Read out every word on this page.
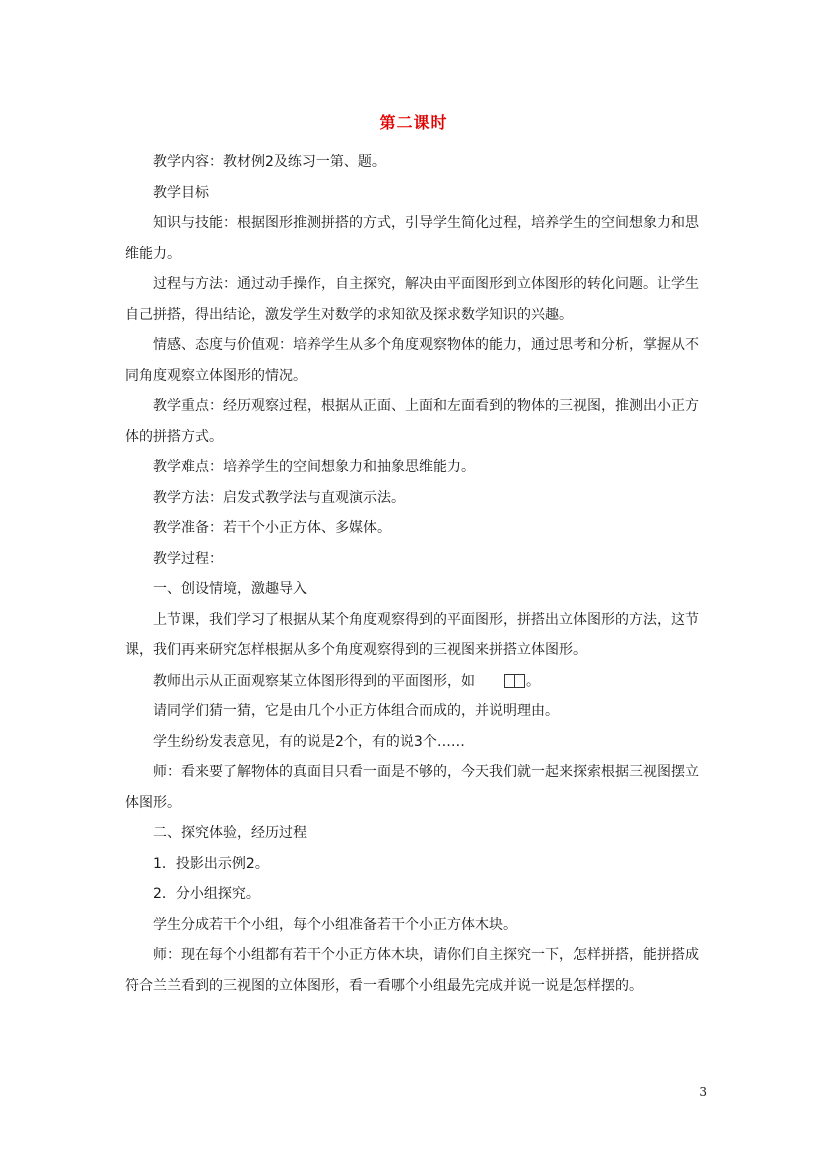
第二课时

教学内容：教材例2及练习一第、题。

教学目标

知识与技能：根据图形推测拼搭的方式，引导学生简化过程，培养学生的空间想象力和思维能力。

过程与方法：通过动手操作，自主探究，解决由平面图形到立体图形的转化问题。让学生自己拼搭，得出结论，激发学生对数学的求知欲及探求数学知识的兴趣。

情感、态度与价值观：培养学生从多个角度观察物体的能力，通过思考和分析，掌握从不同角度观察立体图形的情况。

教学重点：经历观察过程，根据从正面、上面和左面看到的物体的三视图，推测出小正方体的拼搭方式。

教学难点：培养学生的空间想象力和抽象思维能力。

教学方法：启发式教学法与直观演示法。

教学准备：若干个小正方体、多媒体。

教学过程：

一、创设情境，激趣导入

上节课，我们学习了根据从某个角度观察得到的平面图形，拼搭出立体图形的方法，这节课，我们再来研究怎样根据从多个角度观察得到的三视图来拼搭立体图形。

教师出示从正面观察某立体图形得到的平面图形，如	。

请同学们猜一猜，它是由几个小正方体组合而成的，并说明理由。

学生纷纷发表意见，有的说是2个，有的说3个……

师：看来要了解物体的真面目只看一面是不够的，今天我们就一起来探索根据三视图摆立体图形。

二、探究体验，经历过程

1．投影出示例2。

2．分小组探究。

学生分成若干个小组，每个小组准备若干个小正方体木块。

师：现在每个小组都有若干个小正方体木块，请你们自主探究一下，怎样拼搭，能拼搭成符合兰兰看到的三视图的立体图形，看一看哪个小组最先完成并说一说是怎样摆的。

3
